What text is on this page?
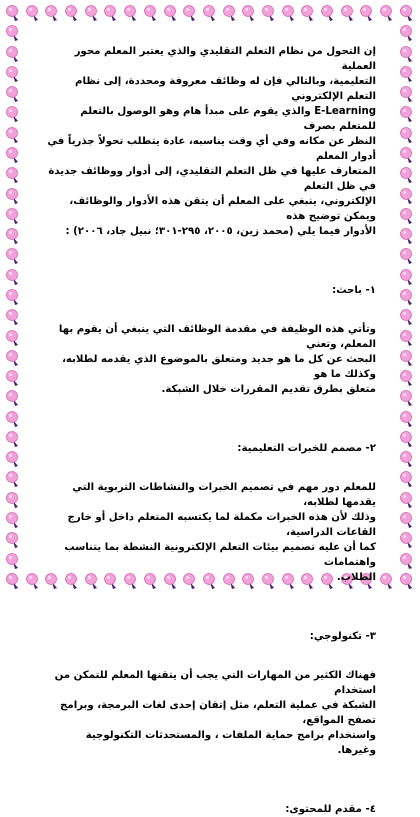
إن التحول من نظام التعلم التقليدي والذي يعتبر المعلم محور العملية

التعليمية، وبالتالي فإن له وظائف معروفة ومحددة، إلى نظام التعلم الإلكتروني

E-Learning والذي يقوم على مبدأ هام وهو الوصول بالتعلم للمتعلم بصرف

النظر عن مكانه وفي أي وقت يناسبه، عادة يتطلب تحولاً جذرياً في أدوار المعلم

المتعارف عليها في ظل التعلم التقليدي، إلى أدوار ووظائف جديدة في ظل التعلم

الإلكتروني، ينبغي على المعلم أن يتقن هذه الأدوار والوظائف، ويمكن توضيح هذه

الأدوار فيما يلي (محمد زين، ٢٠٠٥، ٢٩٥-٣٠١؛ نبيل جاد، ٢٠٠٦) :

١- باحث:

وتأتي هذه الوظيفة في مقدمة الوظائف التي ينبغي أن يقوم بها المعلم، وتعني

البحث عن كل ما هو جديد ومتعلق بالموضوع الذي يقدمه لطلابه، وكذلك ما هو

متعلق بطرق تقديم المقررات خلال الشبكة.

٢- مصمم للخبرات التعليمية:

للمعلم دور مهم في تصميم الخبرات والنشاطات التربوية التي يقدمها لطلابه،

وذلك لأن هذه الخبرات مكملة لما يكتسبه المتعلم داخل أو خارج القاعات الدراسية،

كما أن عليه تصميم بيئات التعلم الإلكترونية النشطة بما يتناسب واهتمامات

الطلاب.

٣- تكنولوجي:

فهناك الكثير من المهارات التي يجب أن يتقنها المعلم للتمكن من استخدام

الشبكة في عملية التعلم، مثل إتقان إحدى لغات البرمجة، وبرامج تصفح المواقع،

واستخدام برامج حماية الملفات ، والمستحدثات التكنولوجية وغيرها.

٤- مقدم للمحتوى:
